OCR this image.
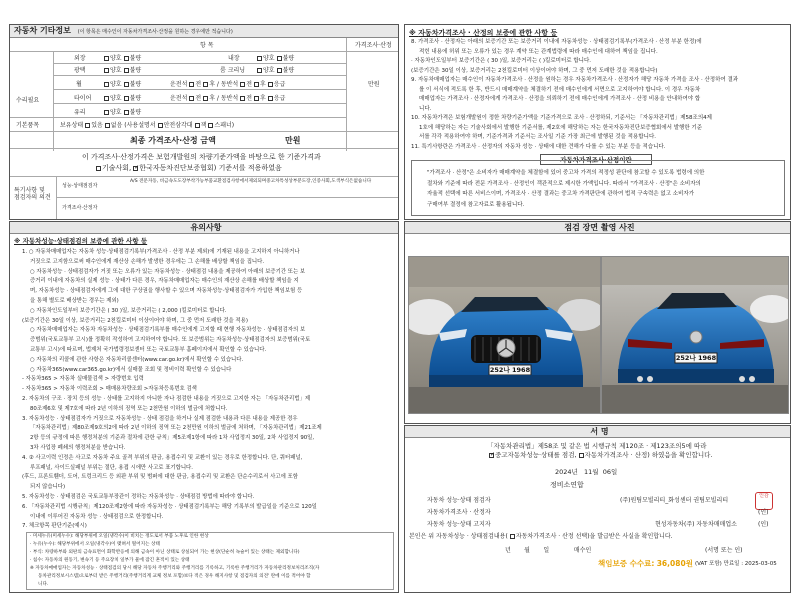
자동차 기타정보 (이 항목은 매수인이 자동차가격조사·산정을 원하는 경우에만 적습니다)
항 목	가격조사·산정
수리필요
외장	양호 불량	내장	양호 불량
광택	양호 불량	룸 크리닝	양호 불량
휠	양호 불량	운전석 전 후 / 동반석 전 후 응급	만원
타이어	양호 불량	운전석 전 후 / 동반석 전 후 응급
유리	양호 불량
기본품목	보유상태 있음 없음 (사용설명서 안전삼각대 잭 스패너)
최종 가격조사·산정 금액	만원
이 가격조사·산정가격은 보험개발원의 차량기준가액을 바탕으로 한 기준가격과
기술사회, ✓ 한국자동차진단보증협회) 기준서를 적용하였음
특기사항 및 점검자의 의견
성능·상태점검자
A/S 전문자동, 비금속도도장부착가능부품교환점검사항에서제외되며중고차특성상부분도장,인증사회,도색부식은없습니다
가격조사·산정자
※ 자동차가격조사 · 산정의 보증에 관한 사항 등
8. 가격조사 · 산정자는 아래의 보증기간 또는 보증거리 이내에 자동차성능 · 상태점검기록부(가격조사 · 산정 부분 한정)에
적힌 내용에 허위 또는 오류가 있는 경우 계약 또는 관계법령에 따라 매수인에 대하여 책임을 집니다.
· 자동차인도일부터 보증기간은 ( 30 )일, 보증거리는 ( )킬로미터로 합니다.
(보증기간은 30일 이상, 보증거리는 2천킬로미터 이상이어야 하며, 그 중 먼저 도래한 것을 적용합니다)
9. 자동차매매업자는 매수인이 자동차가격조사 · 산정을 원하는 경우 자동차가격조사 · 산정자가 해당 자동차 가격을 조사 · 산정하여 결과
를 이 서식에 적도록 한 후, 반드시 매매계약을 체결하기 전에 매수인에게 서면으로 고지하여야 합니다. 이 경우 자동차
매매업자는 가격조사 · 산정자에게 가격조사 · 산정을 의뢰하기 전에 매수인에게 가격조사 · 산정 비용을 안내하여야 합
니다.
10. 자동차가격은 보험개발원이 정한 차량기준가액을 기준가격으로 조사 · 산정하되, 기준서는 「자동차관리법」제58조의4제
1호에 해당하는 자는 기술사회에서 발행한 기준서를, 제2호에 해당하는 자는 한국자동차진단보증협회에서 발행한 기준
서를 각각 적용하여야 하며, 기준가격과 기준서는 조사일 기준 가장 최근에 발행된 것을 적용합니다.
11. 특기사항란은 가격조사 · 산정자의 자동차 성능 · 상태에 대한 견해가 다를 수 있는 부분 등을 적습니다.
자동차가격조사·산정이란
"가격조사 · 산정"은 소비자가 매매계약을 체결함에 있어 중고차 가격의 적정성 판단에 참고할 수 있도록 법령에 의한
절차와 기준에 따라 전문 가격조사 · 산정인이 객관적으로 제시한 가액입니다. 따라서 "가격조사 · 산정"은 소비자의
자율적 선택에 따른 서비스이며, 가격조사 · 산정 결과는 중고차 가격판단에 관하여 법적 구속력은 없고 소비자가
구매여부 결정에 참고자료로 활용됩니다.
유의사항
※ 자동차성능·상태점검의 보증에 관한 사항 등
1. ○ 자동차매매업자는 자동차 성능·상태점검기록부(가격조사 · 산정 부분 제외)에 기재된 내용을 고지하지 아니하거나
거짓으로 고지함으로써 매수인에게 재산상 손해가 발생한 경우에는 그 손해를 배상할 책임을 집니다.
○ 자동차성능 · 상태점검자가 거짓 또는 오류가 있는 자동차성능 · 상태점검 내용을 제공하여 아래의 보증기간 또는 보
증거리 이내에 자동차의 실제 성능 · 상태가 다른 경우, 자동차매매업자는 매수인의 재산상 손해를 배상할 책임을 지
며, 자동차성능 · 상태점검자에게 그에 대한 구상권을 행사할 수 있으며 자동차성능·상태점검자가 가입한 책임보험 등
을 통해 별도로 배상받는 경우는 제외)
○ 자동차인도일부터 보증기간은 ( 30 )일, 보증거리는 ( 2,000 )킬로미터로 합니다.
(보증기간은 30일 이상, 보증거리는 2천킬로미터 이상이어야 하며, 그 중 먼저 도래한 것을 적용)
○ 자동차매매업자는 자동차 자동차성능 · 상태점검기록부를 매수인에게 고지할 때 현행 자동차성능 · 상태점검자의 보
증범위(국토교통부 고시)를 정확히 작성하여 고지하여야 합니다. 또 보증범위는 자동차성능·상태점검자의 보증범위(국토
교통부 고시)에 따르며, 법제처 국가법령정보센터 또는 국토교통부 홈페이지에서 확인할 수 있습니다.
○ 자동차의 리콜에 관한 사항은 자동차리콜센터(www.car.go.kr)에서 확인할 수 있습니다.
○ 자동차365(www.car365.go.kr)에서 실매물 조회 및 정비이력 확인할 수 있습니다
- 자동차365 > 자동차 실매물검색 > 자량번호 입력
- 자동차365 > 자동차 이력조회 > 매매용차량조회 >자동차등록번호 검색
2. 자동차의 구조 · 장치 등의 성능 · 상태를 고지하지 아니한 자나 점검한 내용을 거짓으로 고지한 자는 「자동차관리법」제
80조제6호 및 제7호에 따라 2년 이하의 징역 또는 2천만원 이하의 벌금에 처합니다.
3. 자동차성능 · 상태점검자가 거짓으로 자동차성능 · 상태 점검을 하거나 실제 점검한 내용과 다른 내용을 제공한 경우
「자동차관리법」제80조제9호의2에 따라 2년 이하의 징역 또는 2천만원 이하의 벌금에 처하며, 「자동차관리법」제21조제
2항 등의 규정에 따른 행정처분의 기준과 절차에 관한 규칙」제5조제1항에 따라 1차 사업정지 30일, 2차 사업정지 90일,
3차 사업장 폐쇄의 행정처분을 받습니다.
4. ② 사고이력 인정은 사고로 자동차 주요 골격 부위의 판금, 용접수리 및 교환이 있는 경우로 한정합니다. 단, 쿼터패널,
루프패널, 사이드실패널 부위는 절단, 용접 시에만 사고로 표기합니다.
(후드, 프론트휀더, 도어, 트렁크리드 등 외판 부위 및 범퍼에 대한 판금, 용접수리 및 교환은 단순수리로서 사고에 포함
되지 않습니다)
5. 자동차성능 · 상태점검은 국토교통부장관이 정하는 자동차성능 · 상태점검 방법에 따라야 합니다.
6. 「자동차관리법 시행규칙」제120조제2항에 따라 자동차성능 · 상태점검기록부는 해당 기록부의 발급일을 기준으로 120일
이내에 이루어진 자동차 성능 · 상태점검으로 한정합니다.
7. 체크항목 판단기준(예시)
· 미세누유(미세누수): 해당부위에 오일(냉각수)이 비치는 정도로서 부품 노후로 인한 현상
· 누유(누수): 해당부위에서 오일(냉각수)이 맺혀서 떨어지는 상태
· 부식: 차량하부와 외판의 금속표면이 화학반응에 의해 금속이 아닌 상태로 상실되어 가는 현상(단순히 녹슬어 있는 상태는 제외합니다)
· 침수: 자동차의 원동기, 변속기 등 주요장치 일부가 물에 잠긴 흔적이 있는 상태
※ 자동차매매업자는 자동차성능 · 상태점검의 당시 해당 자동차 주행거리와 주행거리를 기록하고, 기록한 주행거리가 자동차관리정보처리조직(자
동차관리정보시스템)으로부터 받은 주행거리(주행거리계 교체 정보 포함)보다 적은 경우 해지사항 및 점검자의 의견' 란에 이를 적어야 합
니다.
점검 장면 촬영 사진
252나 1968
252나 1968
서 명
「자동차관리법」제58조 및 같은 법 시행규칙 제120조 · 제123조의5에 따라
✓ 중고자동차성능·상태를 점검, 자동차가격조사 · 산정) 하였음을 확인합니다.
2024년 11월 06일
정비소연합
자동차 성능·상태 점검자	(주)원팀모빌리티_화성센터 권팀모빌리티
인감
자동차가격조사 · 산정자	(인)
자동차 성능·상태 고지자	현성자동차(주) 자동차매매업소	(인)
본인은 위 자동차성능 · 상태점검내용( 자동차가격조사 · 산정 선택)을 발급받은 사실을 확인합니다.
년 월 일	매수인	(서명 또는 인)
책임보증 수수료: 36,080원 (VAT 포함) 만료일 : 2025-03-05
